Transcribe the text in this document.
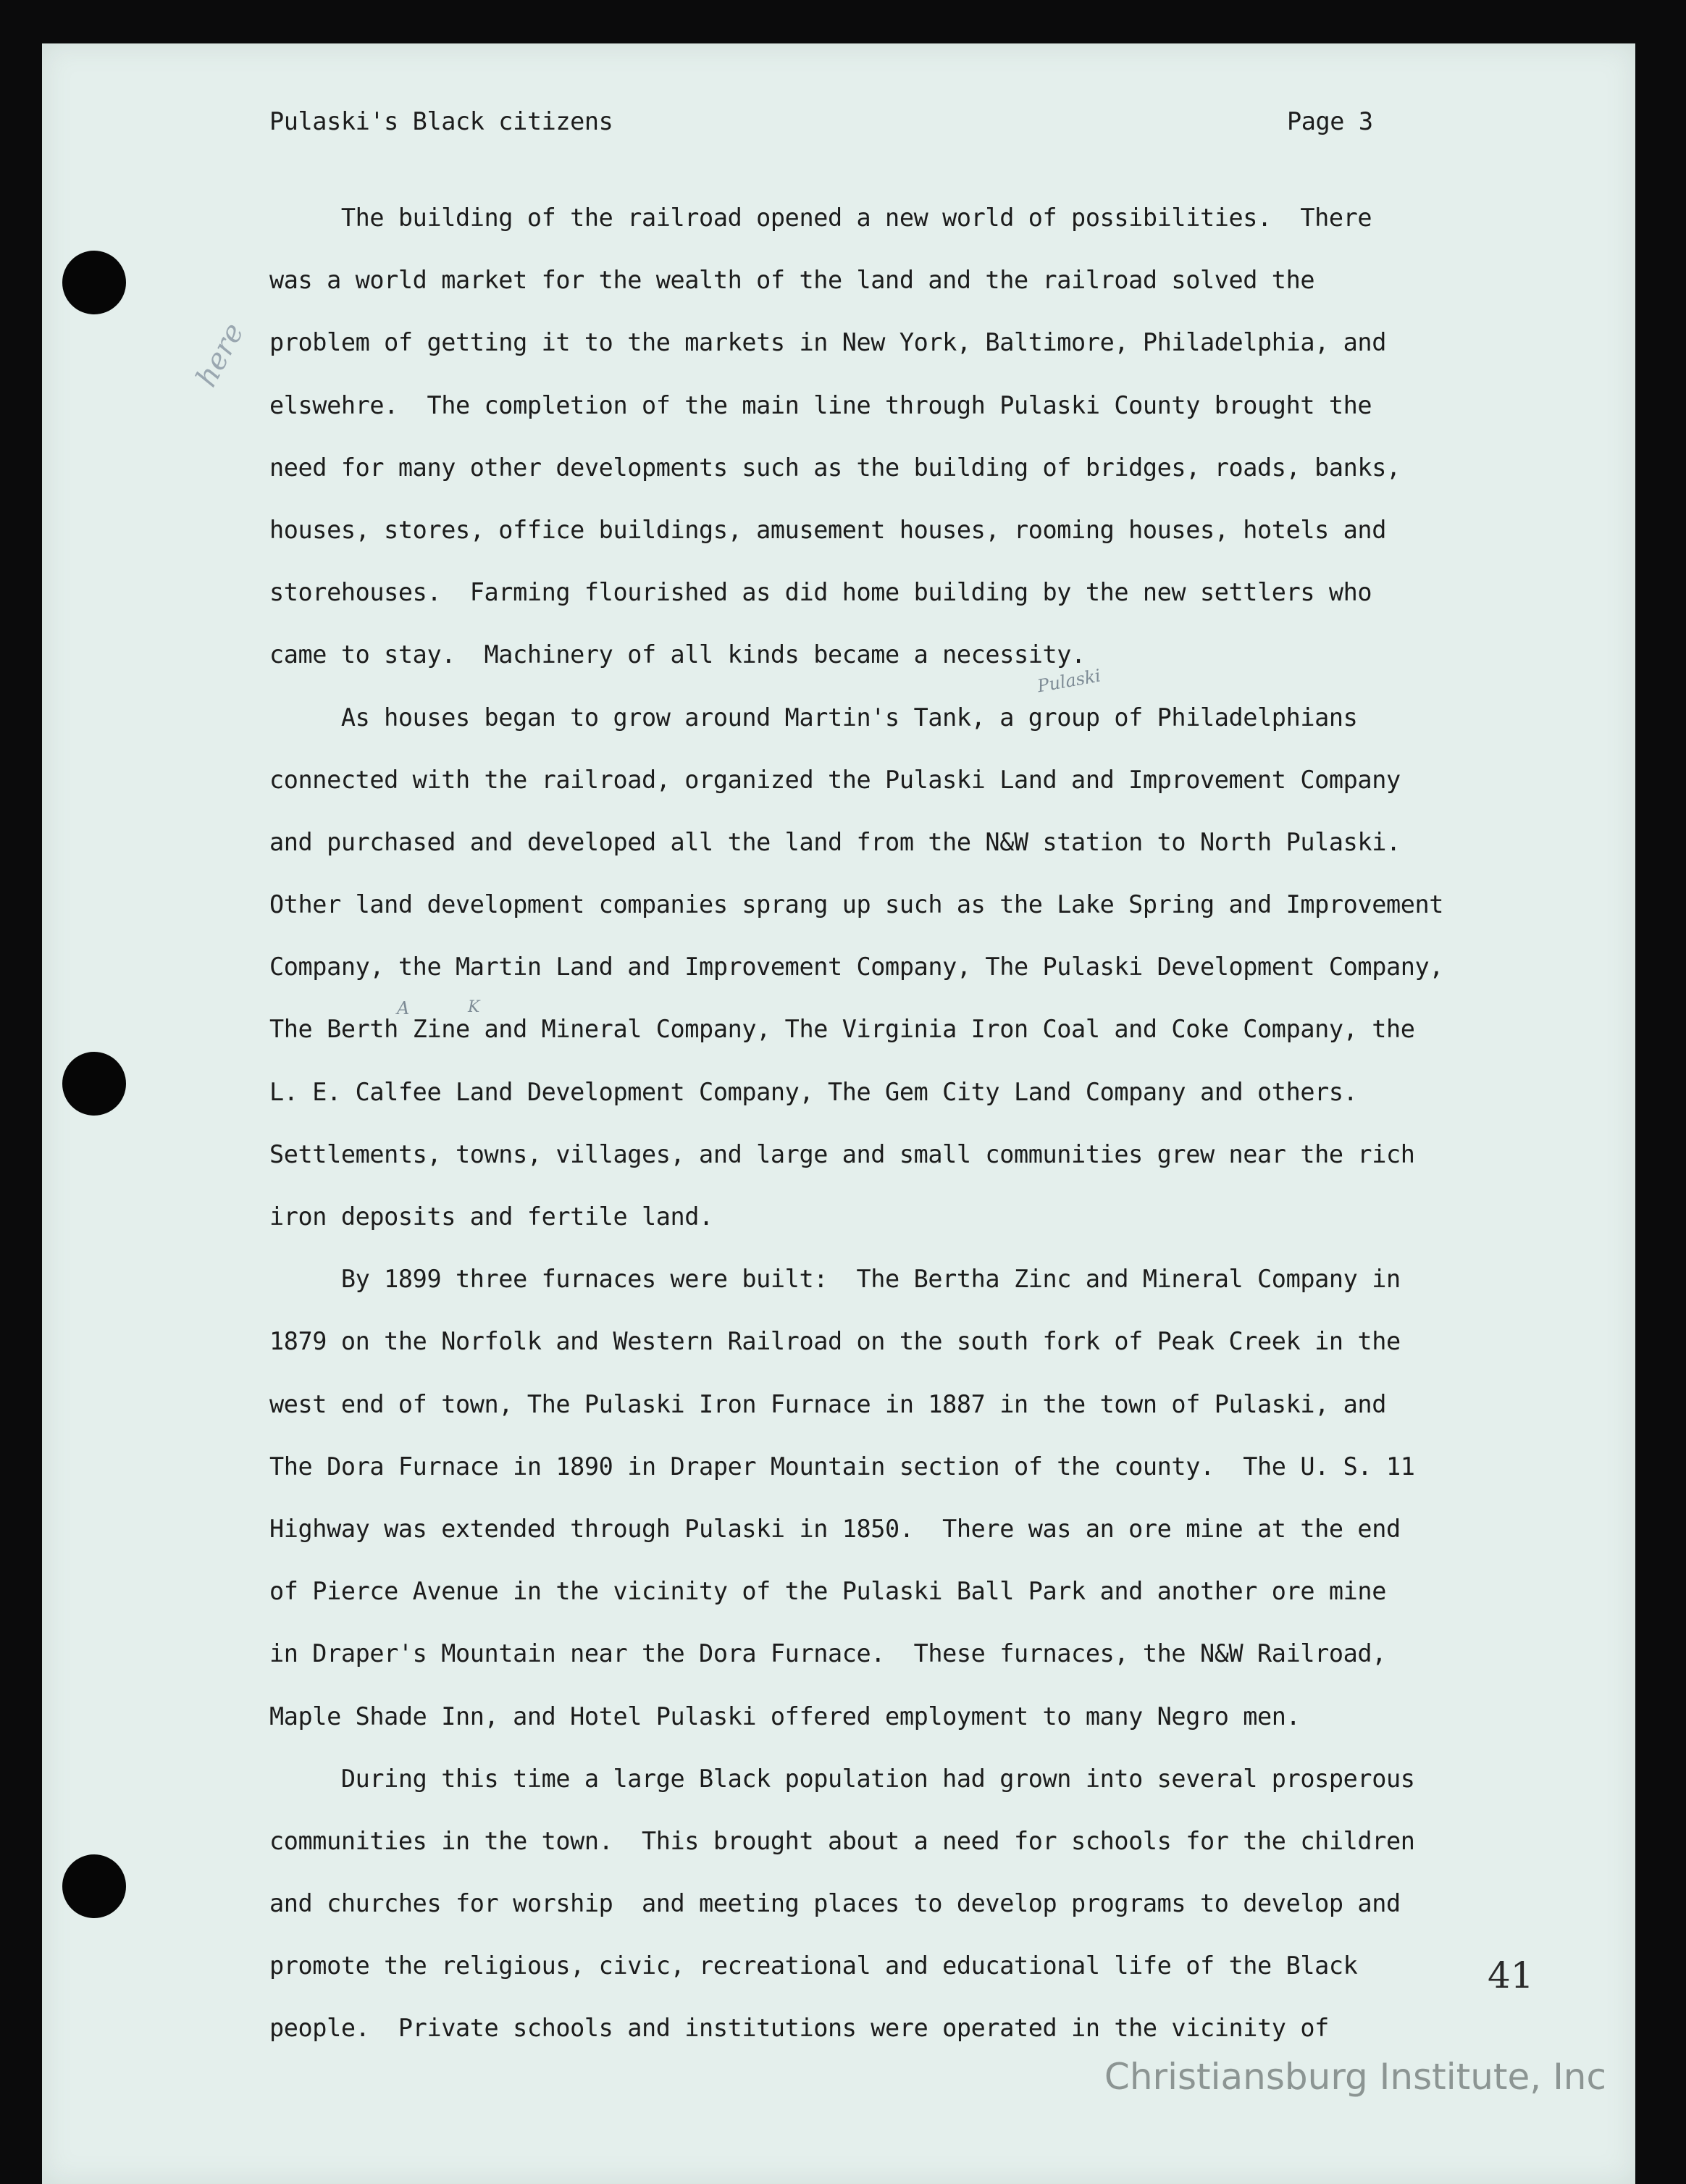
Pulaski's Black citizens	Page 3
The building of the railroad opened a new world of possibilities.  There
was a world market for the wealth of the land and the railroad solved the
problem of getting it to the markets in New York, Baltimore, Philadelphia, and
elswehre.  The completion of the main line through Pulaski County brought the
need for many other developments such as the building of bridges, roads, banks,
houses, stores, office buildings, amusement houses, rooming houses, hotels and
storehouses.  Farming flourished as did home building by the new settlers who
came to stay.  Machinery of all kinds became a necessity.
As houses began to grow around Martin's Tank, a group of Philadelphians
connected with the railroad, organized the Pulaski Land and Improvement Company
and purchased and developed all the land from the N&W station to North Pulaski.
Other land development companies sprang up such as the Lake Spring and Improvement
Company, the Martin Land and Improvement Company, The Pulaski Development Company,
The Berth Zine and Mineral Company, The Virginia Iron Coal and Coke Company, the
L. E. Calfee Land Development Company, The Gem City Land Company and others.
Settlements, towns, villages, and large and small communities grew near the rich
iron deposits and fertile land.
By 1899 three furnaces were built:  The Bertha Zinc and Mineral Company in
1879 on the Norfolk and Western Railroad on the south fork of Peak Creek in the
west end of town, The Pulaski Iron Furnace in 1887 in the town of Pulaski, and
The Dora Furnace in 1890 in Draper Mountain section of the county.  The U. S. 11
Highway was extended through Pulaski in 1850.  There was an ore mine at the end
of Pierce Avenue in the vicinity of the Pulaski Ball Park and another ore mine
in Draper's Mountain near the Dora Furnace.  These furnaces, the N&W Railroad,
Maple Shade Inn, and Hotel Pulaski offered employment to many Negro men.
During this time a large Black population had grown into several prosperous
communities in the town.  This brought about a need for schools for the children
and churches for worship  and meeting places to develop programs to develop and
promote the religious, civic, recreational and educational life of the Black
people.  Private schools and institutions were operated in the vicinity of
here
Pulaski
A	K
41
Christiansburg Institute, Inc
